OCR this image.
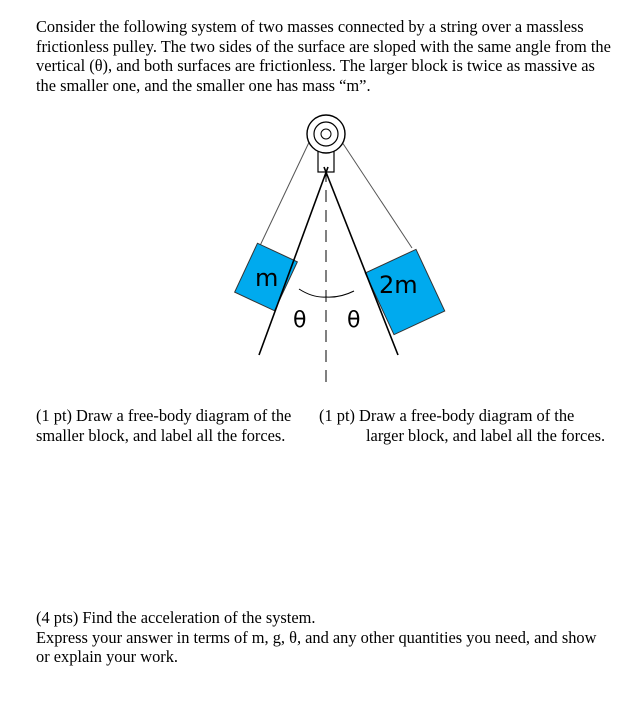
Consider the following system of two masses connected by a string over a massless frictionless pulley. The two sides of the surface are sloped with the same angle from the vertical (θ), and both surfaces are frictionless. The larger block is twice as massive as the smaller one, and the smaller one has mass “m”.

m	2m
θ θ

(1 pt) Draw a free-body diagram of the smaller block, and label all the forces.

(1 pt) Draw a free-body diagram of the
larger block, and label all the forces.

(4 pts) Find the acceleration of the system.
Express your answer in terms of m, g, θ, and any other quantities you need, and show or explain your work.
